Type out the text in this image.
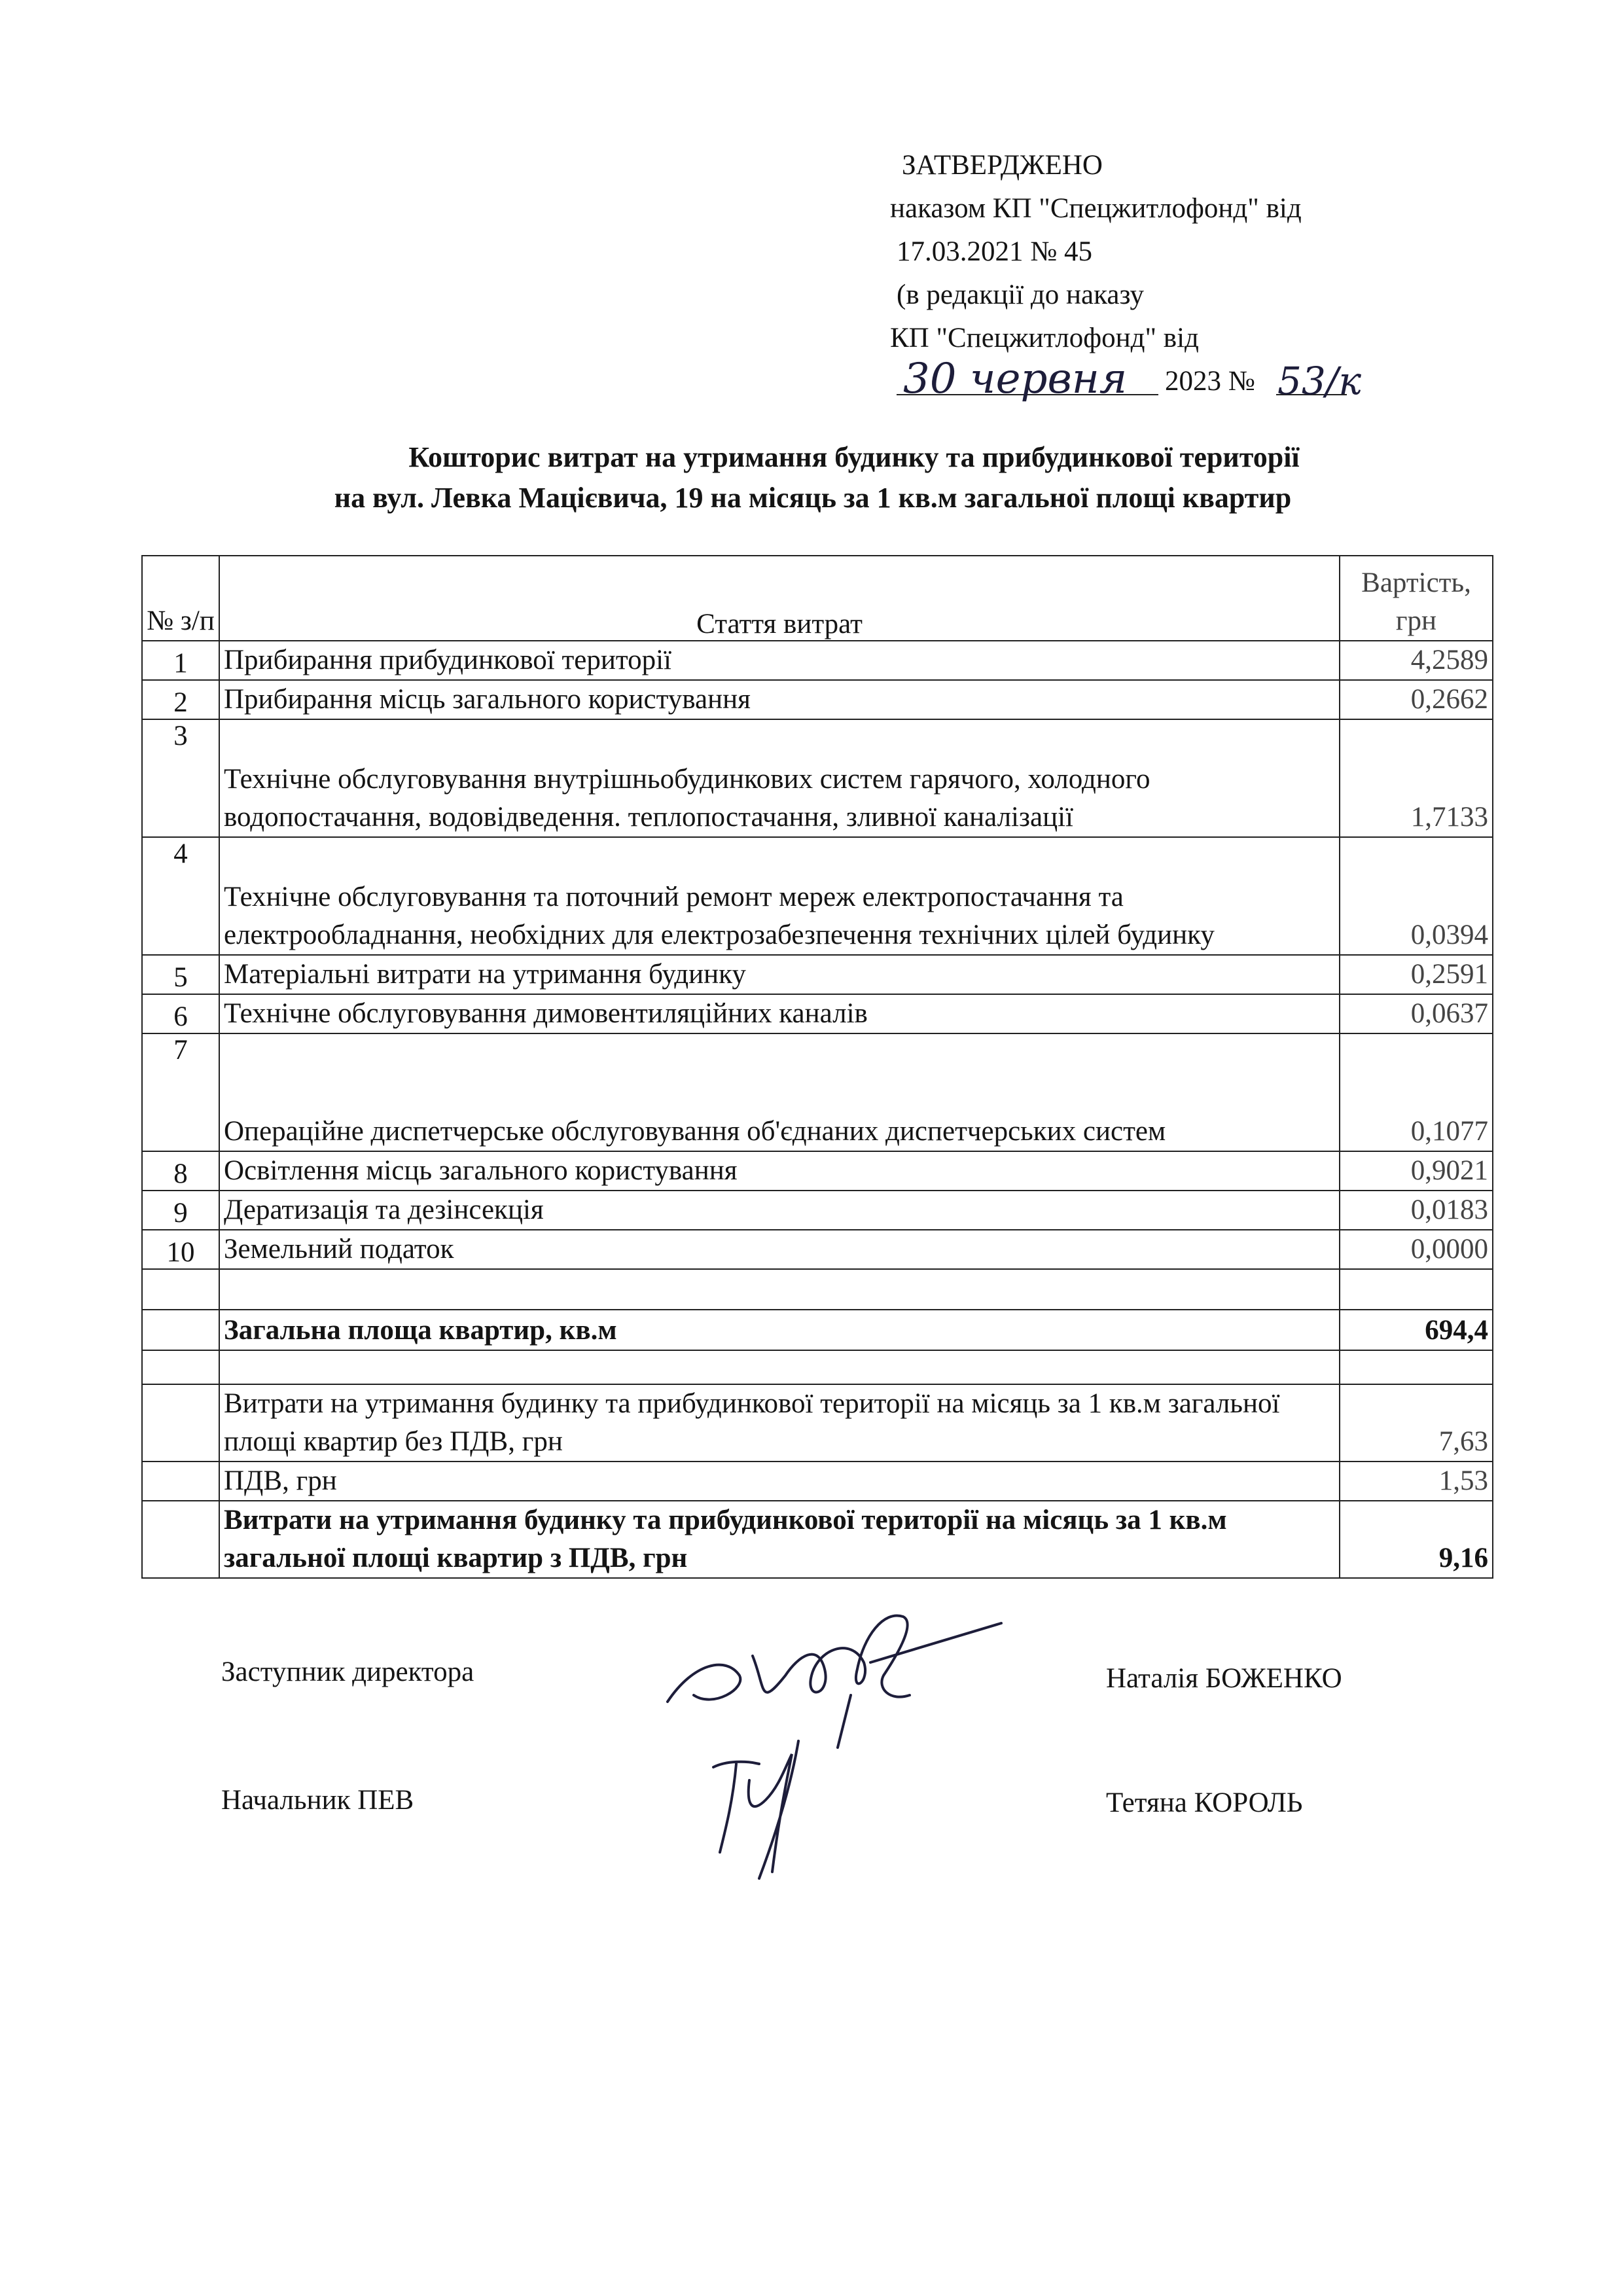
ЗАТВЕРДЖЕНО
наказом КП "Спецжитлофонд" від
17.03.2021 № 45
(в редакції до наказу
КП "Спецжитлофонд" від
30 червня 2023 № 53/к
Кошторис витрат на утримання будинку та прибудинкової території
на вул. Левка Мацієвича, 19 на місяць за 1 кв.м загальної площі квартир
№ з/п	Стаття витрат	Вартість, грн
1	Прибирання прибудинкової території	4,2589
2	Прибирання місць загального користування	0,2662
3	Технічне обслуговування внутрішньобудинкових систем гарячого, холодного водопостачання, водовідведення. теплопостачання, зливної каналізації	1,7133
4	Технічне обслуговування та поточний ремонт мереж електропостачання та електрообладнання, необхідних для електрозабезпечення технічних цілей будинку	0,0394
5	Матеріальні витрати на утримання будинку	0,2591
6	Технічне обслуговування димовентиляційних каналів	0,0637
7	Операційне диспетчерське обслуговування об'єднаних диспетчерських систем	0,1077
8	Освітлення місць загального користування	0,9021
9	Дератизація та дезінсекція	0,0183
10	Земельний податок	0,0000

	Загальна площа квартир, кв.м	694,4

	Витрати на утримання будинку та прибудинкової території на місяць за 1 кв.м загальної площі квартир без ПДВ, грн	7,63
	ПДВ, грн	1,53
	Витрати на утримання будинку та прибудинкової території на місяць за 1 кв.м загальної площі квартир з ПДВ, грн	9,16
Заступник директора	Наталія БОЖЕНКО
Начальник ПЕВ	Тетяна КОРОЛЬ
